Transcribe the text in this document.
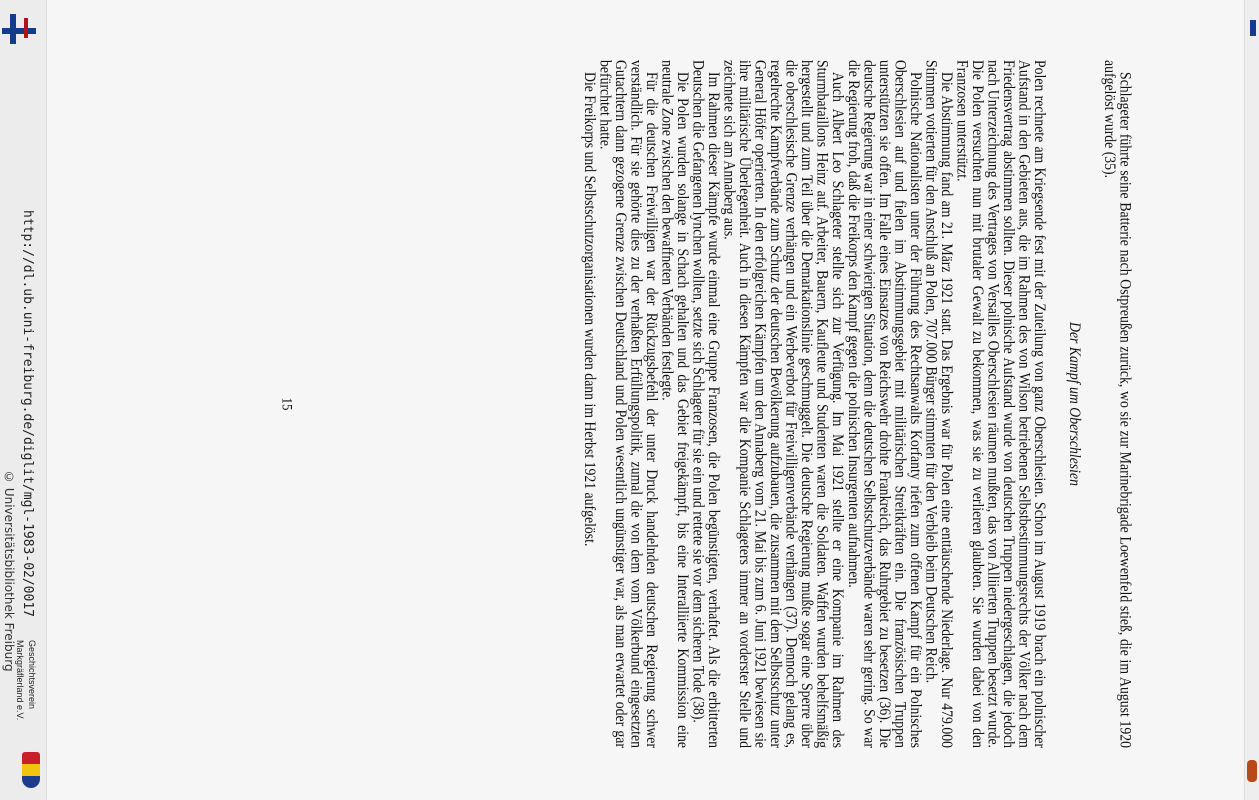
http://dl.ub.uni-freiburg.de/diglit/mgl-1983-02/0017
© Universitätsbibliothek Freiburg
Geschichtsverein
Markgräflerland e.V.	Schlageter führte seine Batterie nach Ostpreußen zurück, wo sie zur Marinebrigade Loewenfeld stieß, die im August 1920 aufgelöst wurde (35).

Der Kampf um Oberschlesien

Polen rechnete am Kriegsende fest mit der Zuteilung von ganz Oberschlesien. Schon im August 1919 brach ein polnischer Aufstand in den Gebieten aus, die im Rahmen des von Wilson betriebenen Selbstbestimmungsrechts der Völker nach dem Friedensvertrag abstimmen sollten. Dieser polnische Aufstand wurde von deutschen Truppen niedergeschlagen, die jedoch nach Unterzeichnung des Vertrages von Versailles Oberschlesien räumen mußten, das von Alliierten Truppen besetzt wurde. Die Polen versuchten nun mit brutaler Gewalt zu bekommen, was sie zu verlieren glaubten. Sie wurden dabei von den Franzosen unterstützt.

Die Abstimmung fand am 21. März 1921 statt. Das Ergebnis war für Polen eine enttäuschende Niederlage. Nur 479.000 Stimmen votierten für den Anschluß an Polen, 707.000 Bürger stimmten für den Verbleib beim Deutschen Reich.

Polnische Nationalisten unter der Führung des Rechtsanwalts Korfanty riefen zum offenen Kampf für ein Polnisches Oberschlesien auf und fielen im Abstimmungsgebiet mit militärischen Streitkräften ein. Die französischen Truppen unterstützten sie offen. Im Falle eines Einsatzes von Reichswehr drohte Frankreich, das Ruhrgebiet zu besetzen (36). Die deutsche Regierung war in einer schwierigen Situation, denn die deutschen Selbstschutzverbände waren sehr gering. So war die Regierung froh, daß die Freikorps den Kampf gegen die polnischen Insurgenten aufnahmen.

Auch Albert Leo Schlageter stellte sich zur Verfügung. Im Mai 1921 stellte er eine Kompanie im Rahmen des Sturmbataillons Heinz auf. Arbeiter, Bauern, Kaufleute und Studenten waren die Soldaten. Waffen wurden behelfsmäßig hergestellt und zum Teil über die Demarkationslinie geschmuggelt. Die deutsche Regierung mußte sogar eine Sperre über die oberschlesische Grenze verhängen und ein Werbeverbot für Freiwilligenverbände verhängen (37). Dennoch gelang es, regelrechte Kampfverbände zum Schutz der deutschen Bevölkerung aufzubauen, die zusammen mit dem Selbstschutz unter General Höfer operierten. In den erfolgreichen Kämpfen um den Annaberg vom 21. Mai bis zum 6. Juni 1921 bewiesen sie ihre militärische Überlegenheit. Auch in diesen Kämpfen war die Kompanie Schlageters immer an vorderster Stelle und zeichnete sich am Annaberg aus.

Im Rahmen dieser Kämpfe wurde einmal eine Gruppe Franzosen, die Polen begünstigten, verhaftet. Als die erbitterten Deutschen die Gefangenen lynchen wollten, setzte sich Schlageter für sie ein und rettete sie vor dem sicheren Tode (38).

Die Polen wurden solange in Schach gehalten und das Gebiet freigekämpft, bis eine Interalliierte Kommission eine neutrale Zone zwischen den bewaffneten Verbänden festlegte.

Für die deutschen Freiwilligen war der Rückzugsbefehl der unter Druck handelnden deutschen Regierung schwer verständlich. Für sie gehörte dies zu der verhaßten Erfüllungspolitik, zumal die von dem vom Völkerbund eingesetzten Gutachtern dann gezogene Grenze zwischen Deutschland und Polen wesentlich ungünstiger war, als man erwartet oder gar befürchtet hatte.

Die Freikorps und Selbstschutzorganisationen wurden dann im Herbst 1921 aufgelöst.

15
